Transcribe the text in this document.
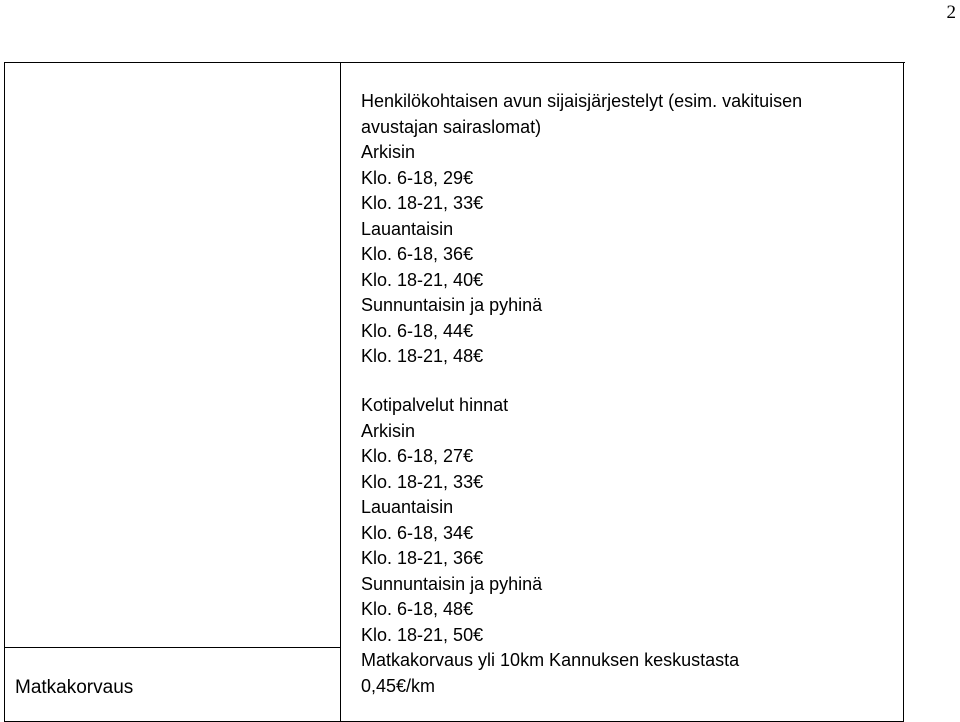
2
Matkakorvaus
Henkilökohtaisen avun sijaisjärjestelyt (esim. vakituisen
avustajan sairaslomat)
Arkisin
Klo. 6-18, 29€
Klo. 18-21, 33€
Lauantaisin
Klo. 6-18, 36€
Klo. 18-21, 40€
Sunnuntaisin ja pyhinä
Klo. 6-18, 44€
Klo. 18-21, 48€
Kotipalvelut hinnat
Arkisin
Klo. 6-18, 27€
Klo. 18-21, 33€
Lauantaisin
Klo. 6-18, 34€
Klo. 18-21, 36€
Sunnuntaisin ja pyhinä
Klo. 6-18, 48€
Klo. 18-21, 50€
Matkakorvaus yli 10km Kannuksen keskustasta
0,45€/km
